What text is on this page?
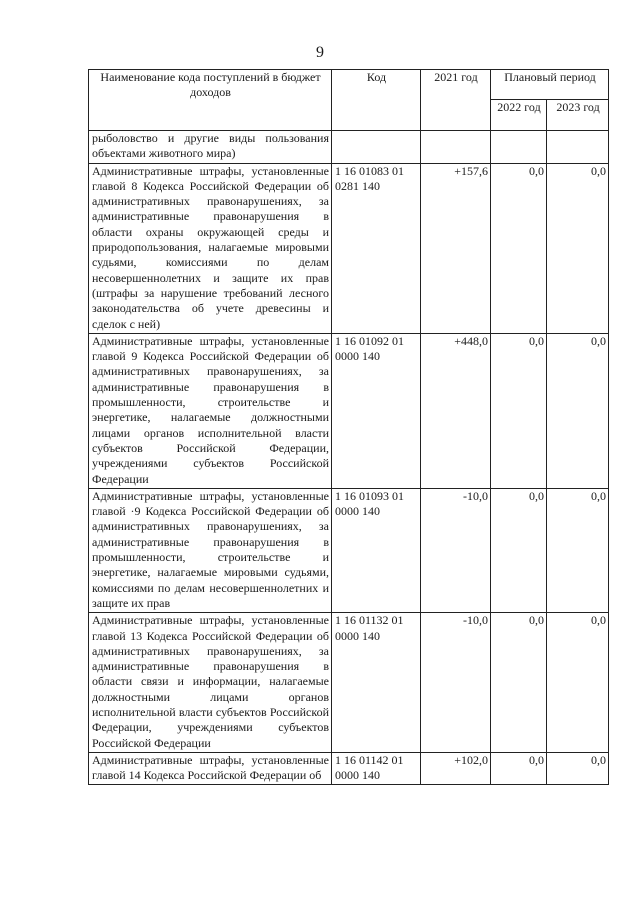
9
Наименование кода поступлений в бюджет доходов	Код	2021 год	Плановый период	
			2022 год	2023 год
рыболовство и другие виды пользования объектами животного мира)				
Административные штрафы, установленные главой 8 Кодекса Российской Федерации об административных правонарушениях, за административные правонарушения в области охраны окружающей среды и природопользования, налагаемые мировыми судьями, комиссиями по делам несовершеннолетних и защите их прав (штрафы за нарушение требований лесного законодательства об учете древесины и сделок с ней)	1 16 01083 01 0281 140	+157,6	0,0	0,0
Административные штрафы, установленные главой 9 Кодекса Российской Федерации об административных правонарушениях, за административные правонарушения в промышленности, строительстве и энергетике, налагаемые должностными лицами органов исполнительной власти субъектов Российской Федерации, учреждениями субъектов Российской Федерации	1 16 01092 01 0000 140	+448,0	0,0	0,0
Административные штрафы, установленные главой ·9 Кодекса Российской Федерации об административных правонарушениях, за административные правонарушения в промышленности, строительстве и энергетике, налагаемые мировыми судьями, комиссиями по делам несовершеннолетних и защите их прав	1 16 01093 01 0000 140	-10,0	0,0	0,0
Административные штрафы, установленные главой 13 Кодекса Российской Федерации об административных правонарушениях, за административные правонарушения в области связи и информации, налагаемые должностными лицами органов исполнительной власти субъектов Российской Федерации, учреждениями субъектов Российской Федерации	1 16 01132 01 0000 140	-10,0	0,0	0,0
Административные штрафы, установленные главой 14 Кодекса Российской Федерации об	1 16 01142 01 0000 140	+102,0	0,0	0,0
